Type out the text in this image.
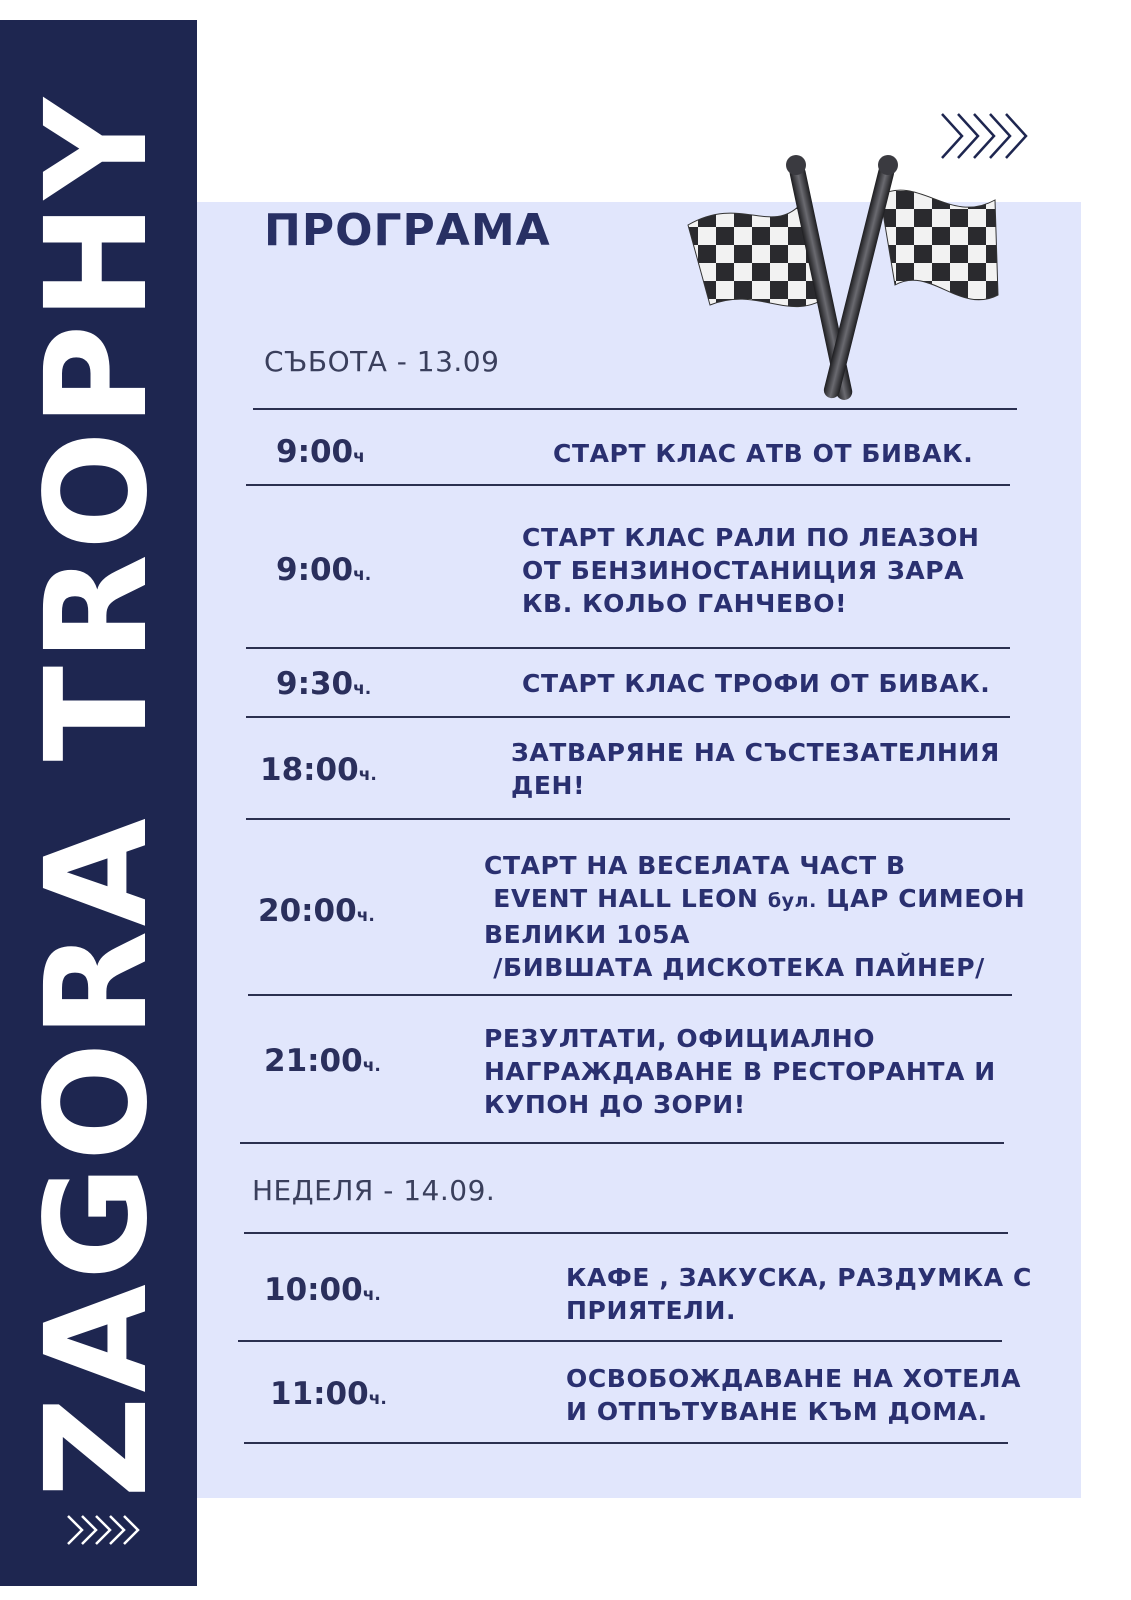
ZAGORA TROPHY ПРОГРАМА
СЪБОТА - 13.09
9:00ч	СТАРТ КЛАС АТВ ОТ БИВАК.
9:00ч.
СТАРТ КЛАС РАЛИ ПО ЛЕАЗОН
ОТ БЕНЗИНОСТАНИЦИЯ ЗАРА
КВ. КОЛЬО ГАНЧЕВО!
9:30ч.	СТАРТ КЛАС ТРОФИ ОТ БИВАК.
18:00ч.
ЗАТВАРЯНЕ НА СЪСТЕЗАТЕЛНИЯ
ДЕН!
20:00ч.
СТАРТ НА ВЕСЕЛАТА ЧАСТ В
EVENT HALL LEON бул. ЦАР СИМЕОН
ВЕЛИКИ 105А
/БИВШАТА ДИСКОТЕКА ПАЙНЕР/
21:00ч.
РЕЗУЛТАТИ, ОФИЦИАЛНО
НАГРАЖДАВАНЕ В РЕСТОРАНТА И
КУПОН ДО ЗОРИ!
НЕДЕЛЯ - 14.09.
10:00ч.
КАФЕ , ЗАКУСКА, РАЗДУМКА С
ПРИЯТЕЛИ.
11:00ч.
ОСВОБОЖДАВАНЕ НА ХОТЕЛА
И ОТПЪТУВАНЕ КЪМ ДОМА.
